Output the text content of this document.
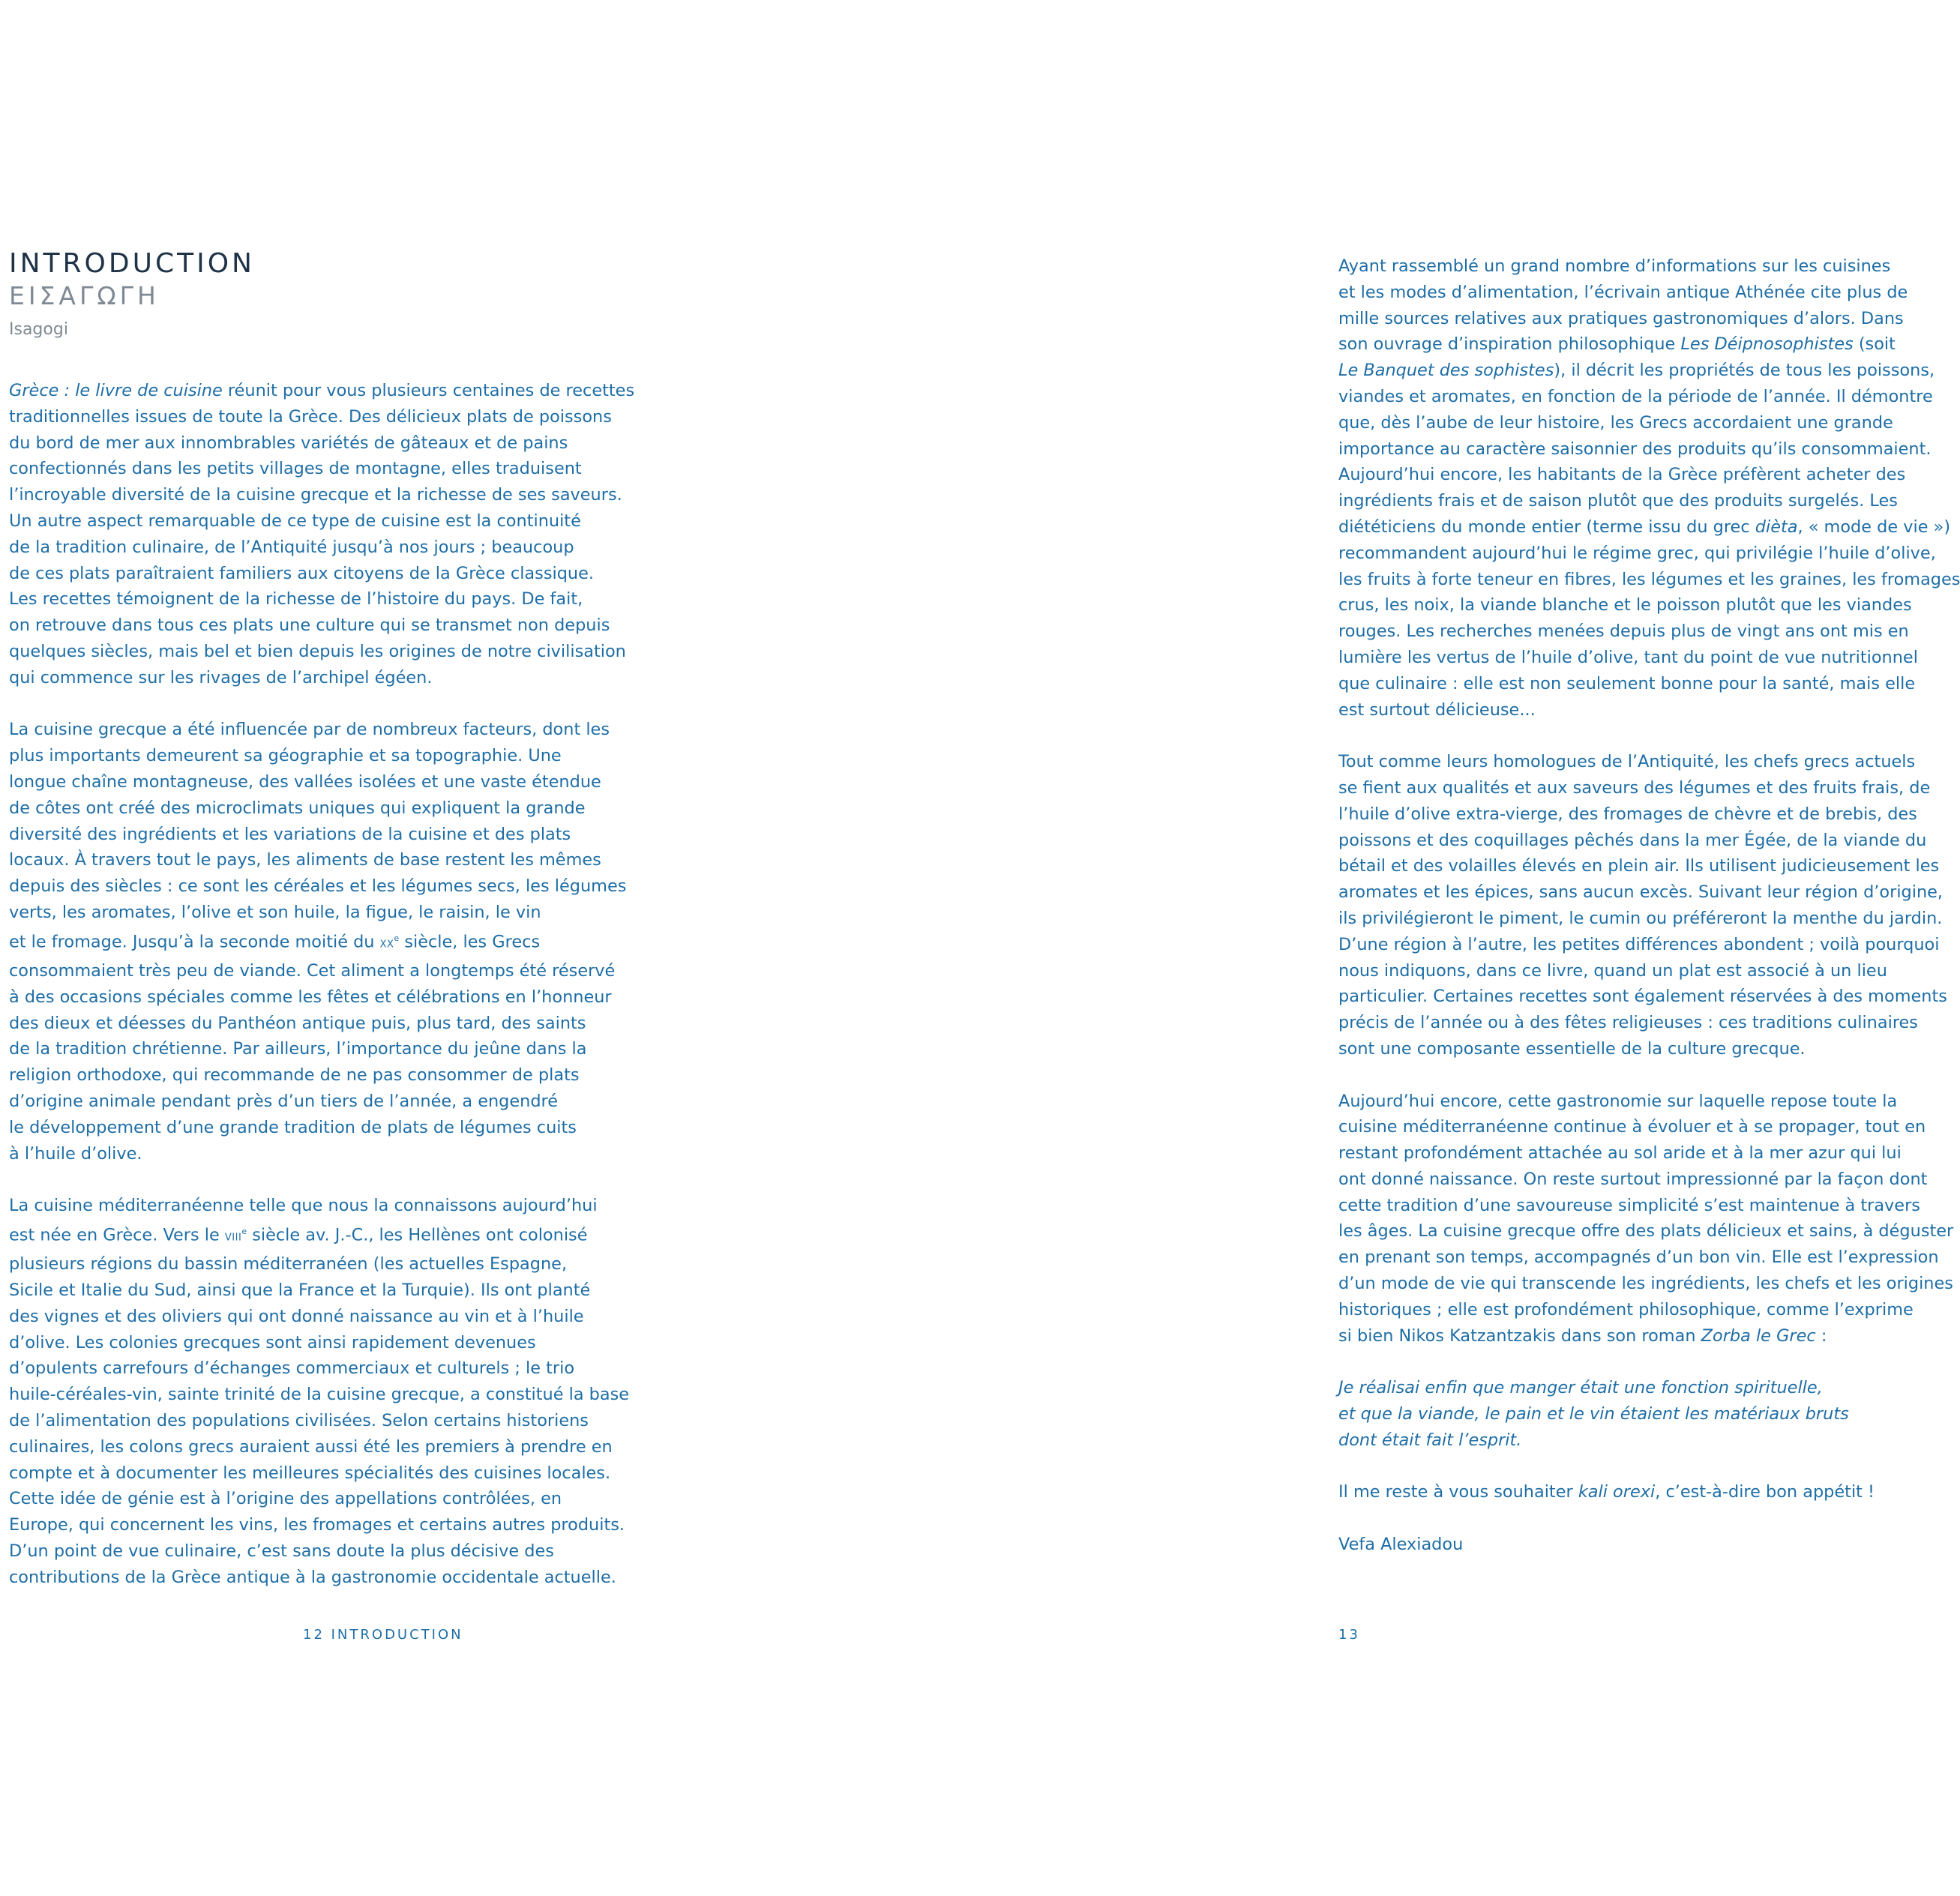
INTRODUCTION
ΕΙΣΑΓΩΓΗ
Isagogi

Grèce : le livre de cuisine réunit pour vous plusieurs centaines de recettes
traditionnelles issues de toute la Grèce. Des délicieux plats de poissons
du bord de mer aux innombrables variétés de gâteaux et de pains
confectionnés dans les petits villages de montagne, elles traduisent
l’incroyable diversité de la cuisine grecque et la richesse de ses saveurs.
Un autre aspect remarquable de ce type de cuisine est la continuité
de la tradition culinaire, de l’Antiquité jusqu’à nos jours ; beaucoup
de ces plats paraîtraient familiers aux citoyens de la Grèce classique.
Les recettes témoignent de la richesse de l’histoire du pays. De fait,
on retrouve dans tous ces plats une culture qui se transmet non depuis
quelques siècles, mais bel et bien depuis les origines de notre civilisation
qui commence sur les rivages de l’archipel égéen.

La cuisine grecque a été influencée par de nombreux facteurs, dont les
plus importants demeurent sa géographie et sa topographie. Une
longue chaîne montagneuse, des vallées isolées et une vaste étendue
de côtes ont créé des microclimats uniques qui expliquent la grande
diversité des ingrédients et les variations de la cuisine et des plats
locaux. À travers tout le pays, les aliments de base restent les mêmes
depuis des siècles : ce sont les céréales et les légumes secs, les légumes
verts, les aromates, l’olive et son huile, la figue, le raisin, le vin
et le fromage. Jusqu’à la seconde moitié du XXe siècle, les Grecs
consommaient très peu de viande. Cet aliment a longtemps été réservé
à des occasions spéciales comme les fêtes et célébrations en l’honneur
des dieux et déesses du Panthéon antique puis, plus tard, des saints
de la tradition chrétienne. Par ailleurs, l’importance du jeûne dans la
religion orthodoxe, qui recommande de ne pas consommer de plats
d’origine animale pendant près d’un tiers de l’année, a engendré
le développement d’une grande tradition de plats de légumes cuits
à l’huile d’olive.

La cuisine méditerranéenne telle que nous la connaissons aujourd’hui
est née en Grèce. Vers le VIIIe siècle av. J.-C., les Hellènes ont colonisé
plusieurs régions du bassin méditerranéen (les actuelles Espagne,
Sicile et Italie du Sud, ainsi que la France et la Turquie). Ils ont planté
des vignes et des oliviers qui ont donné naissance au vin et à l’huile
d’olive. Les colonies grecques sont ainsi rapidement devenues
d’opulents carrefours d’échanges commerciaux et culturels ; le trio
huile-céréales-vin, sainte trinité de la cuisine grecque, a constitué la base
de l’alimentation des populations civilisées. Selon certains historiens
culinaires, les colons grecs auraient aussi été les premiers à prendre en
compte et à documenter les meilleures spécialités des cuisines locales.
Cette idée de génie est à l’origine des appellations contrôlées, en
Europe, qui concernent les vins, les fromages et certains autres produits.
D’un point de vue culinaire, c’est sans doute la plus décisive des
contributions de la Grèce antique à la gastronomie occidentale actuelle.

12 INTRODUCTION

Ayant rassemblé un grand nombre d’informations sur les cuisines
et les modes d’alimentation, l’écrivain antique Athénée cite plus de
mille sources relatives aux pratiques gastronomiques d’alors. Dans
son ouvrage d’inspiration philosophique Les Déipnosophistes (soit
Le Banquet des sophistes), il décrit les propriétés de tous les poissons,
viandes et aromates, en fonction de la période de l’année. Il démontre
que, dès l’aube de leur histoire, les Grecs accordaient une grande
importance au caractère saisonnier des produits qu’ils consommaient.
Aujourd’hui encore, les habitants de la Grèce préfèrent acheter des
ingrédients frais et de saison plutôt que des produits surgelés. Les
diététiciens du monde entier (terme issu du grec dièta, « mode de vie »)
recommandent aujourd’hui le régime grec, qui privilégie l’huile d’olive,
les fruits à forte teneur en fibres, les légumes et les graines, les fromages
crus, les noix, la viande blanche et le poisson plutôt que les viandes
rouges. Les recherches menées depuis plus de vingt ans ont mis en
lumière les vertus de l’huile d’olive, tant du point de vue nutritionnel
que culinaire : elle est non seulement bonne pour la santé, mais elle
est surtout délicieuse...

Tout comme leurs homologues de l’Antiquité, les chefs grecs actuels
se fient aux qualités et aux saveurs des légumes et des fruits frais, de
l’huile d’olive extra-vierge, des fromages de chèvre et de brebis, des
poissons et des coquillages pêchés dans la mer Égée, de la viande du
bétail et des volailles élevés en plein air. Ils utilisent judicieusement les
aromates et les épices, sans aucun excès. Suivant leur région d’origine,
ils privilégieront le piment, le cumin ou préféreront la menthe du jardin.
D’une région à l’autre, les petites différences abondent ; voilà pourquoi
nous indiquons, dans ce livre, quand un plat est associé à un lieu
particulier. Certaines recettes sont également réservées à des moments
précis de l’année ou à des fêtes religieuses : ces traditions culinaires
sont une composante essentielle de la culture grecque.

Aujourd’hui encore, cette gastronomie sur laquelle repose toute la
cuisine méditerranéenne continue à évoluer et à se propager, tout en
restant profondément attachée au sol aride et à la mer azur qui lui
ont donné naissance. On reste surtout impressionné par la façon dont
cette tradition d’une savoureuse simplicité s’est maintenue à travers
les âges. La cuisine grecque offre des plats délicieux et sains, à déguster
en prenant son temps, accompagnés d’un bon vin. Elle est l’expression
d’un mode de vie qui transcende les ingrédients, les chefs et les origines
historiques ; elle est profondément philosophique, comme l’exprime
si bien Nikos Katzantzakis dans son roman Zorba le Grec :

Je réalisai enfin que manger était une fonction spirituelle,
et que la viande, le pain et le vin étaient les matériaux bruts
dont était fait l’esprit.

Il me reste à vous souhaiter kali orexi, c’est-à-dire bon appétit !

Vefa Alexiadou

13
